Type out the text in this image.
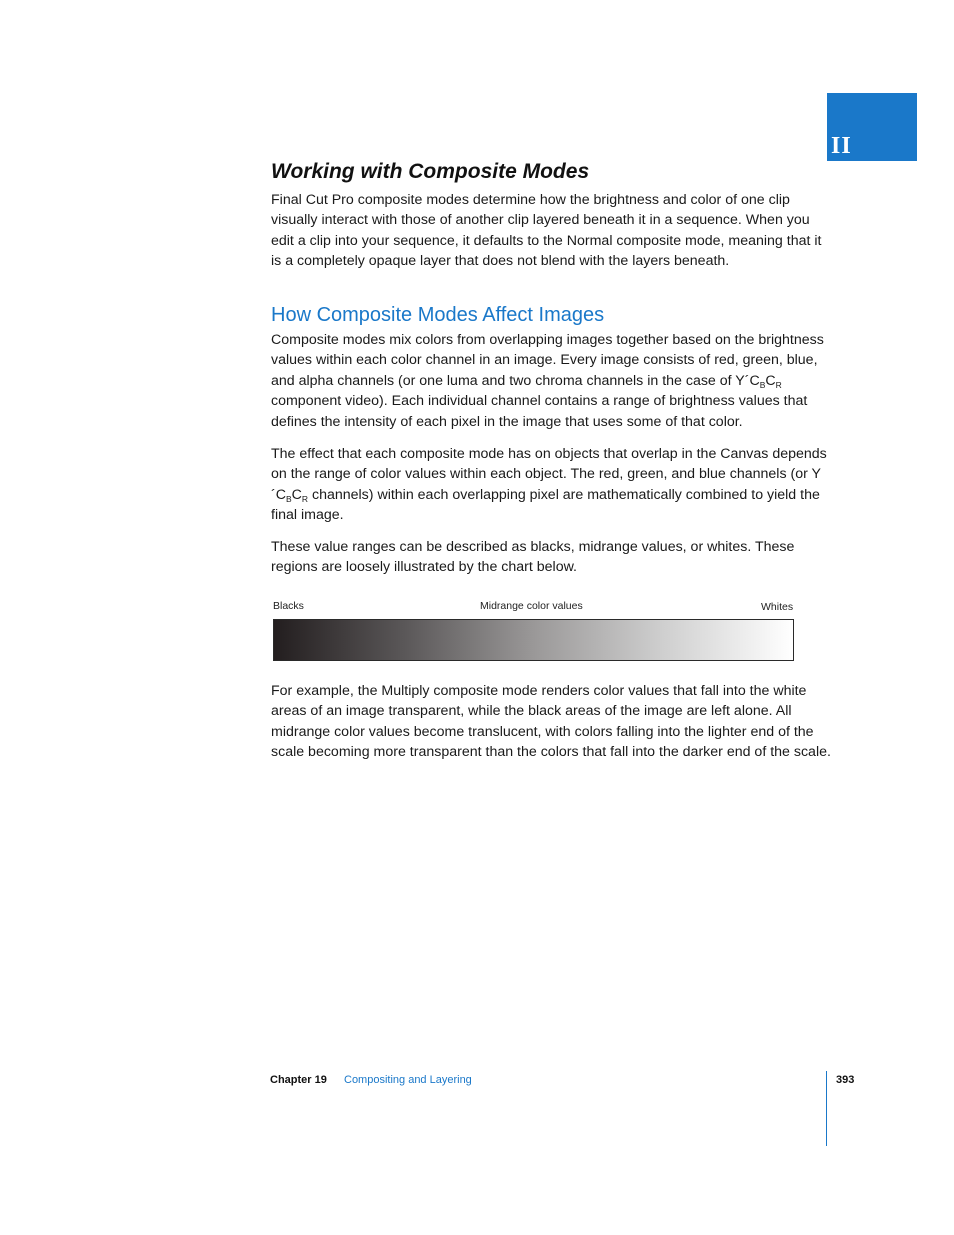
II
Working with Composite Modes

Final Cut Pro composite modes determine how the brightness and color of one clip visually interact with those of another clip layered beneath it in a sequence. When you edit a clip into your sequence, it defaults to the Normal composite mode, meaning that it is a completely opaque layer that does not blend with the layers beneath.

How Composite Modes Affect Images

Composite modes mix colors from overlapping images together based on the brightness values within each color channel in an image. Every image consists of red, green, blue, and alpha channels (or one luma and two chroma channels in the case of $Y´C_BC_R$ component video). Each individual channel contains a range of brightness values that defines the intensity of each pixel in the image that uses some of that color.

The effect that each composite mode has on objects that overlap in the Canvas depends on the range of color values within each object. The red, green, and blue channels (or $Y´C_BC_R$ channels) within each overlapping pixel are mathematically combined to yield the final image.

These value ranges can be described as blacks, midrange values, or whites. These regions are loosely illustrated by the chart below.

For example, the Multiply composite mode renders color values that fall into the white areas of an image transparent, while the black areas of the image are left alone. All midrange color values become translucent, with colors falling into the lighter end of the scale becoming more transparent than the colors that fall into the darker end of the scale.

Blacks	Midrange color values	Whites
Chapter 19 Compositing and Layering	393
